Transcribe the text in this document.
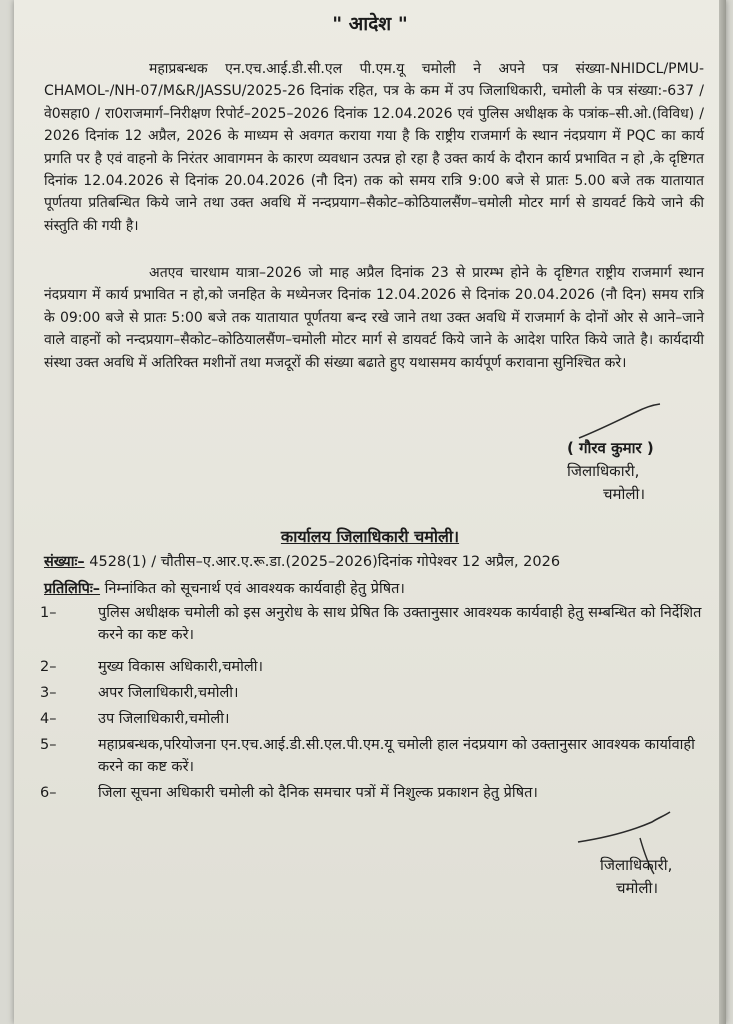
" आदेश "
महाप्रबन्धक एन.एच.आई.डी.सी.एल पी.एम.यू चमोली ने अपने पत्र संख्या-NHIDCL/PMU-CHAMOL-/NH-07/M&R/JASSU/2025-26 दिनांक रहित, पत्र के कम में उप जिलाधिकारी, चमोली के पत्र संख्या:-637 / वे0सहा0 / रा0राजमार्ग–निरीक्षण रिपोर्ट–2025–2026 दिनांक 12.04.2026 एवं पुलिस अधीक्षक के पत्रांक–सी.ओ.(विविध) / 2026 दिनांक 12 अप्रैल, 2026 के माध्यम से अवगत कराया गया है कि राष्ट्रीय राजमार्ग के स्थान नंदप्रयाग में PQC का कार्य प्रगति पर है एवं वाहनो के निरंतर आवागमन के कारण व्यवधान उत्पन्न हो रहा है उक्त कार्य के दौरान कार्य प्रभावित न हो ,के दृष्टिगत दिनांक 12.04.2026 से दिनांक 20.04.2026 (नौ दिन) तक को समय रात्रि 9:00 बजे से प्रातः 5.00 बजे तक यातायात पूर्णतया प्रतिबन्धित किये जाने तथा उक्त अवधि में नन्दप्रयाग–सैकोट–कोठियालसैंण–चमोली मोटर मार्ग से डायवर्ट किये जाने की संस्तुति की गयी है।
अतएव चारधाम यात्रा–2026 जो माह अप्रैल दिनांक 23 से प्रारम्भ होने के दृष्टिगत राष्ट्रीय राजमार्ग स्थान नंदप्रयाग में कार्य प्रभावित न हो,को जनहित के मध्येनजर दिनांक 12.04.2026 से दिनांक 20.04.2026 (नौ दिन) समय रात्रि के 09:00 बजे से प्रातः 5:00 बजे तक यातायात पूर्णतया बन्द रखे जाने तथा उक्त अवधि में राजमार्ग के दोनों ओर से आने–जाने वाले वाहनों को नन्दप्रयाग–सैकोट–कोठियालसैंण–चमोली मोटर मार्ग से डायवर्ट किये जाने के आदेश पारित किये जाते है। कार्यदायी संस्था उक्त अवधि में अतिरिक्त मशीनों तथा मजदूरों की संख्या बढाते हुए यथासमय कार्यपूर्ण करावाना सुनिश्चित करे।
( गौरव कुमार )
जिलाधिकारी,
चमोली।
कार्यालय जिलाधिकारी चमोली।
संख्याः– 4528(1) / चौतीस–ए.आर.ए.रू.डा.(2025–2026)दिनांक गोपेश्वर 12 अप्रैल, 2026
प्रतिलिपिः– निम्नांकित को सूचनार्थ एवं आवश्यक कार्यवाही हेतु प्रेषित।
1–	पुलिस अधीक्षक चमोली को इस अनुरोध के साथ प्रेषित कि उक्तानुसार आवश्यक कार्यवाही हेतु सम्बन्धित को निर्देशित करने का कष्ट करे।
2–	मुख्य विकास अधिकारी,चमोली।
3–	अपर जिलाधिकारी,चमोली।
4–	उप जिलाधिकारी,चमोली।
5–	महाप्रबन्धक,परियोजना एन.एच.आई.डी.सी.एल.पी.एम.यू चमोली हाल नंदप्रयाग को उक्तानुसार आवश्यक कार्यावाही करने का कष्ट करें।
6–	जिला सूचना अधिकारी चमोली को दैनिक समचार पत्रों में निशुल्क प्रकाशन हेतु प्रेषित।
जिलाधिकारी,
चमोली।
